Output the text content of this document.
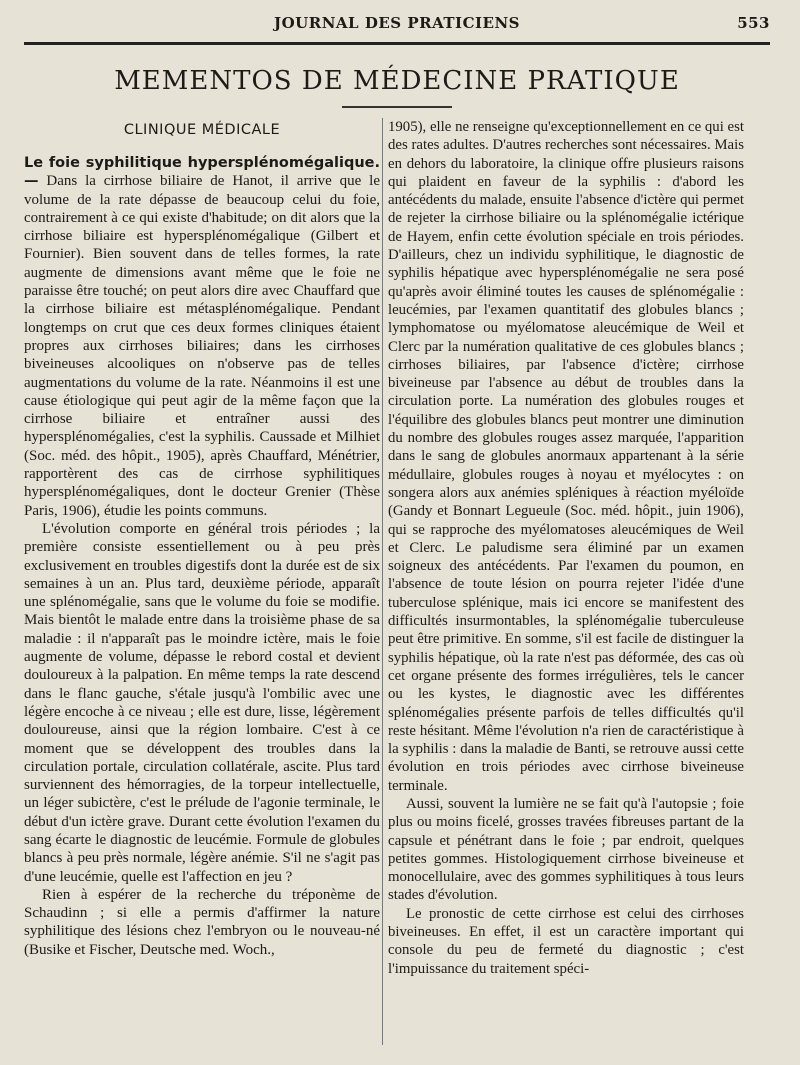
JOURNAL DES PRATICIENS	553
MEMENTOS DE MÉDECINE PRATIQUE
CLINIQUE MÉDICALE

Le foie syphilitique hypersplénomégalique. — Dans la cirrhose biliaire de Hanot, il arrive que le volume de la rate dépasse de beaucoup celui du foie, contrairement à ce qui existe d'habitude; on dit alors que la cirrhose biliaire est hypersplénomégalique (Gilbert et Fournier). Bien souvent dans de telles formes, la rate augmente de dimensions avant même que le foie ne paraisse être touché; on peut alors dire avec Chauffard que la cirrhose biliaire est métasplénomégalique. Pendant longtemps on crut que ces deux formes cliniques étaient propres aux cirrhoses biliaires; dans les cirrhoses biveineuses alcooliques on n'observe pas de telles augmentations du volume de la rate. Néanmoins il est une cause étiologique qui peut agir de la même façon que la cirrhose biliaire et entraîner aussi des hypersplénomégalies, c'est la syphilis. Caussade et Milhiet (Soc. méd. des hôpit., 1905), après Chauffard, Ménétrier, rapportèrent des cas de cirrhose syphilitiques hypersplénomégaliques, dont le docteur Grenier (Thèse Paris, 1906), étudie les points communs.

L'évolution comporte en général trois périodes ; la première consiste essentiellement ou à peu près exclusivement en troubles digestifs dont la durée est de six semaines à un an. Plus tard, deuxième période, apparaît une splénomégalie, sans que le volume du foie se modifie. Mais bientôt le malade entre dans la troisième phase de sa maladie : il n'apparaît pas le moindre ictère, mais le foie augmente de volume, dépasse le rebord costal et devient douloureux à la palpation. En même temps la rate descend dans le flanc gauche, s'étale jusqu'à l'ombilic avec une légère encoche à ce niveau ; elle est dure, lisse, légèrement douloureuse, ainsi que la région lombaire. C'est à ce moment que se développent des troubles dans la circulation portale, circulation collatérale, ascite. Plus tard surviennent des hémorragies, de la torpeur intellectuelle, un léger subictère, c'est le prélude de l'agonie terminale, le début d'un ictère grave. Durant cette évolution l'examen du sang écarte le diagnostic de leucémie. Formule de globules blancs à peu près normale, légère anémie. S'il ne s'agit pas d'une leucémie, quelle est l'affection en jeu ?

Rien à espérer de la recherche du tréponème de Schaudinn ; si elle a permis d'affirmer la nature syphilitique des lésions chez l'embryon ou le nouveau-né (Busike et Fischer, Deutsche med. Woch.,

1905), elle ne renseigne qu'exceptionnellement en ce qui est des rates adultes. D'autres recherches sont nécessaires. Mais en dehors du laboratoire, la clinique offre plusieurs raisons qui plaident en faveur de la syphilis : d'abord les antécédents du malade, ensuite l'absence d'ictère qui permet de rejeter la cirrhose biliaire ou la splénomégalie ictérique de Hayem, enfin cette évolution spéciale en trois périodes. D'ailleurs, chez un individu syphilitique, le diagnostic de syphilis hépatique avec hypersplénomégalie ne sera posé qu'après avoir éliminé toutes les causes de splénomégalie : leucémies, par l'examen quantitatif des globules blancs ; lymphomatose ou myélomatose aleucémique de Weil et Clerc par la numération qualitative de ces globules blancs ; cirrhoses biliaires, par l'absence d'ictère; cirrhose biveineuse par l'absence au début de troubles dans la circulation porte. La numération des globules rouges et l'équilibre des globules blancs peut montrer une diminution du nombre des globules rouges assez marquée, l'apparition dans le sang de globules anormaux appartenant à la série médullaire, globules rouges à noyau et myélocytes : on songera alors aux anémies spléniques à réaction myéloïde (Gandy et Bonnart Legueule (Soc. méd. hôpit., juin 1906), qui se rapproche des myélomatoses aleucémiques de Weil et Clerc. Le paludisme sera éliminé par un examen soigneux des antécédents. Par l'examen du poumon, en l'absence de toute lésion on pourra rejeter l'idée d'une tuberculose splénique, mais ici encore se manifestent des difficultés insurmontables, la splénomégalie tuberculeuse peut être primitive. En somme, s'il est facile de distinguer la syphilis hépatique, où la rate n'est pas déformée, des cas où cet organe présente des formes irrégulières, tels le cancer ou les kystes, le diagnostic avec les différentes splénomégalies présente parfois de telles difficultés qu'il reste hésitant. Même l'évolution n'a rien de caractéristique à la syphilis : dans la maladie de Banti, se retrouve aussi cette évolution en trois périodes avec cirrhose biveineuse terminale.

Aussi, souvent la lumière ne se fait qu'à l'autopsie ; foie plus ou moins ficelé, grosses travées fibreuses partant de la capsule et pénétrant dans le foie ; par endroit, quelques petites gommes. Histologiquement cirrhose biveineuse et monocellulaire, avec des gommes syphilitiques à tous leurs stades d'évolution.

Le pronostic de cette cirrhose est celui des cirrhoses biveineuses. En effet, il est un caractère important qui console du peu de fermeté du diagnostic ; c'est l'impuissance du traitement spéci-
